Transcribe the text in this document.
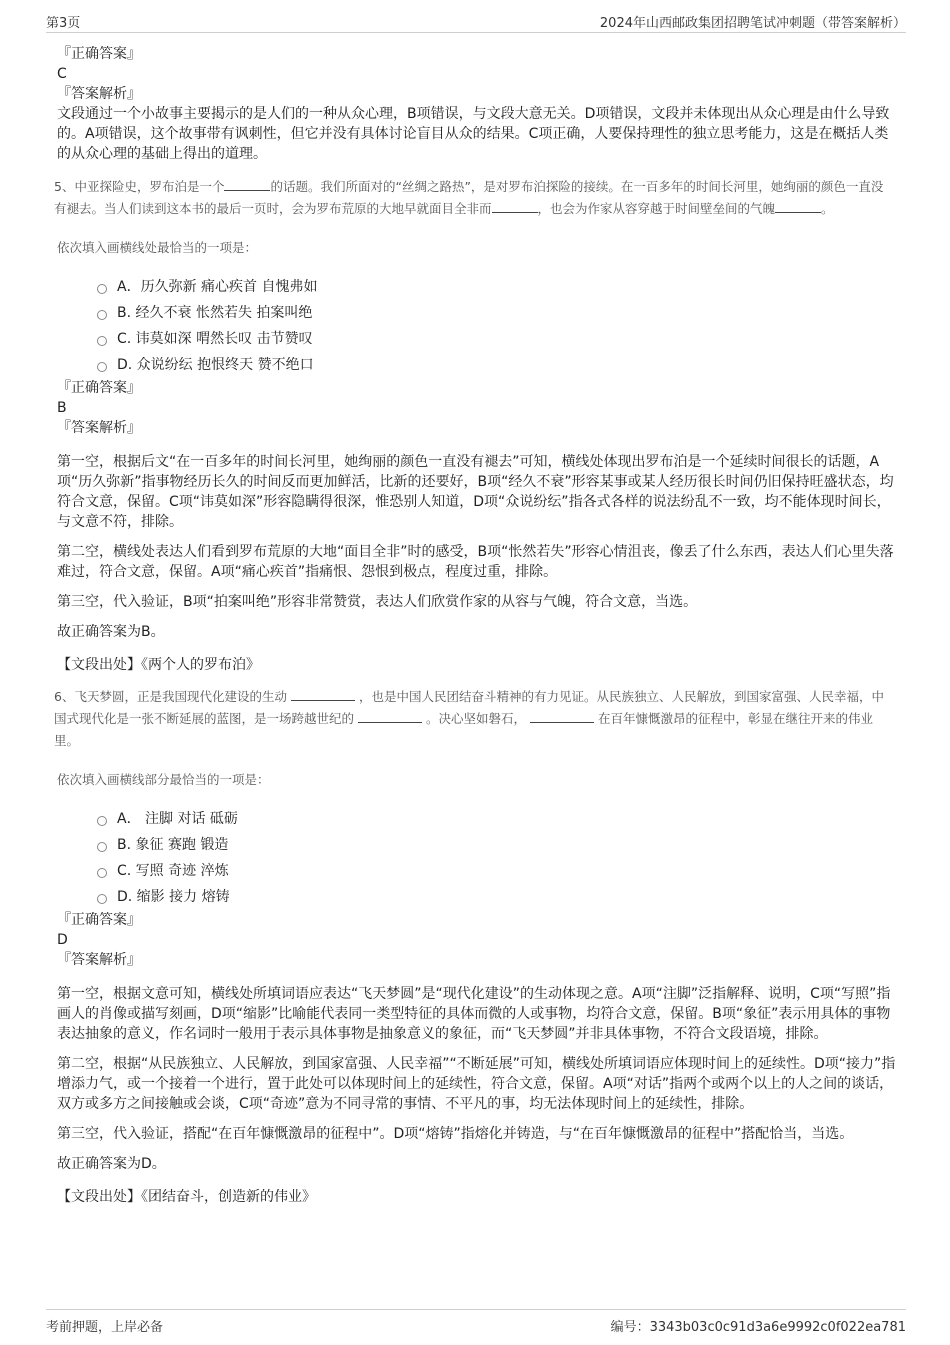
第3页	2024年山西邮政集团招聘笔试冲刺题（带答案解析）

『正确答案』

C

『答案解析』

文段通过一个小故事主要揭示的是人们的一种从众心理，B项错误，与文段大意无关。D项错误，文段并未体现出从众心理是由什么导致的。A项错误，这个故事带有讽刺性，但它并没有具体讨论盲目从众的结果。C项正确，人要保持理性的独立思考能力，这是在概括人类的从众心理的基础上得出的道理。

5、中亚探险史，罗布泊是一个	的话题。我们所面对的“丝绸之路热”，是对罗布泊探险的接续。在一百多年的时间长河里，她绚丽的颜色一直没有褪去。当人们读到这本书的最后一页时，会为罗布荒原的大地早就面目全非而	，也会为作家从容穿越于时间壁垒间的气魄	。

依次填入画横线处最恰当的一项是：

A．历久弥新 痛心疾首 自愧弗如
B. 经久不衰 怅然若失 拍案叫绝
C. 讳莫如深 喟然长叹 击节赞叹
D. 众说纷纭 抱恨终天 赞不绝口

『正确答案』

B

『答案解析』

第一空，根据后文“在一百多年的时间长河里，她绚丽的颜色一直没有褪去”可知，横线处体现出罗布泊是一个延续时间很长的话题，A项“历久弥新”指事物经历长久的时间反而更加鲜活，比新的还要好，B项“经久不衰”形容某事或某人经历很长时间仍旧保持旺盛状态，均符合文意，保留。C项“讳莫如深”形容隐瞒得很深，惟恐别人知道，D项“众说纷纭”指各式各样的说法纷乱不一致，均不能体现时间长，与文意不符，排除。

第二空，横线处表达人们看到罗布荒原的大地“面目全非”时的感受，B项“怅然若失”形容心情沮丧，像丢了什么东西，表达人们心里失落难过，符合文意，保留。A项“痛心疾首”指痛恨、怨恨到极点，程度过重，排除。

第三空，代入验证，B项“拍案叫绝”形容非常赞赏，表达人们欣赏作家的从容与气魄，符合文意，当选。

故正确答案为B。

【文段出处】《两个人的罗布泊》

6、飞天梦圆，正是我国现代化建设的生动	，也是中国人民团结奋斗精神的有力见证。从民族独立、人民解放，到国家富强、人民幸福，中国式现代化是一张不断延展的蓝图，是一场跨越世纪的	。决心坚如磐石，	在百年慷慨激昂的征程中，彰显在继往开来的伟业里。

依次填入画横线部分最恰当的一项是：

A． 注脚 对话 砥砺
B. 象征 赛跑 锻造
C. 写照 奇迹 淬炼
D. 缩影 接力 熔铸

『正确答案』

D

『答案解析』

第一空，根据文意可知，横线处所填词语应表达“飞天梦圆”是“现代化建设”的生动体现之意。A项“注脚”泛指解释、说明，C项“写照”指画人的肖像或描写刻画，D项“缩影”比喻能代表同一类型特征的具体而微的人或事物，均符合文意，保留。B项“象征”表示用具体的事物表达抽象的意义，作名词时一般用于表示具体事物是抽象意义的象征，而“飞天梦圆”并非具体事物，不符合文段语境，排除。

第二空，根据“从民族独立、人民解放，到国家富强、人民幸福”“不断延展”可知，横线处所填词语应体现时间上的延续性。D项“接力”指增添力气，或一个接着一个进行，置于此处可以体现时间上的延续性，符合文意，保留。A项“对话”指两个或两个以上的人之间的谈话，双方或多方之间接触或会谈，C项“奇迹”意为不同寻常的事情、不平凡的事，均无法体现时间上的延续性，排除。

第三空，代入验证，搭配“在百年慷慨激昂的征程中”。D项“熔铸”指熔化并铸造，与“在百年慷慨激昂的征程中”搭配恰当，当选。

故正确答案为D。

【文段出处】《团结奋斗，创造新的伟业》

考前押题，上岸必备	编号：3343b03c0c91d3a6e9992c0f022ea781
